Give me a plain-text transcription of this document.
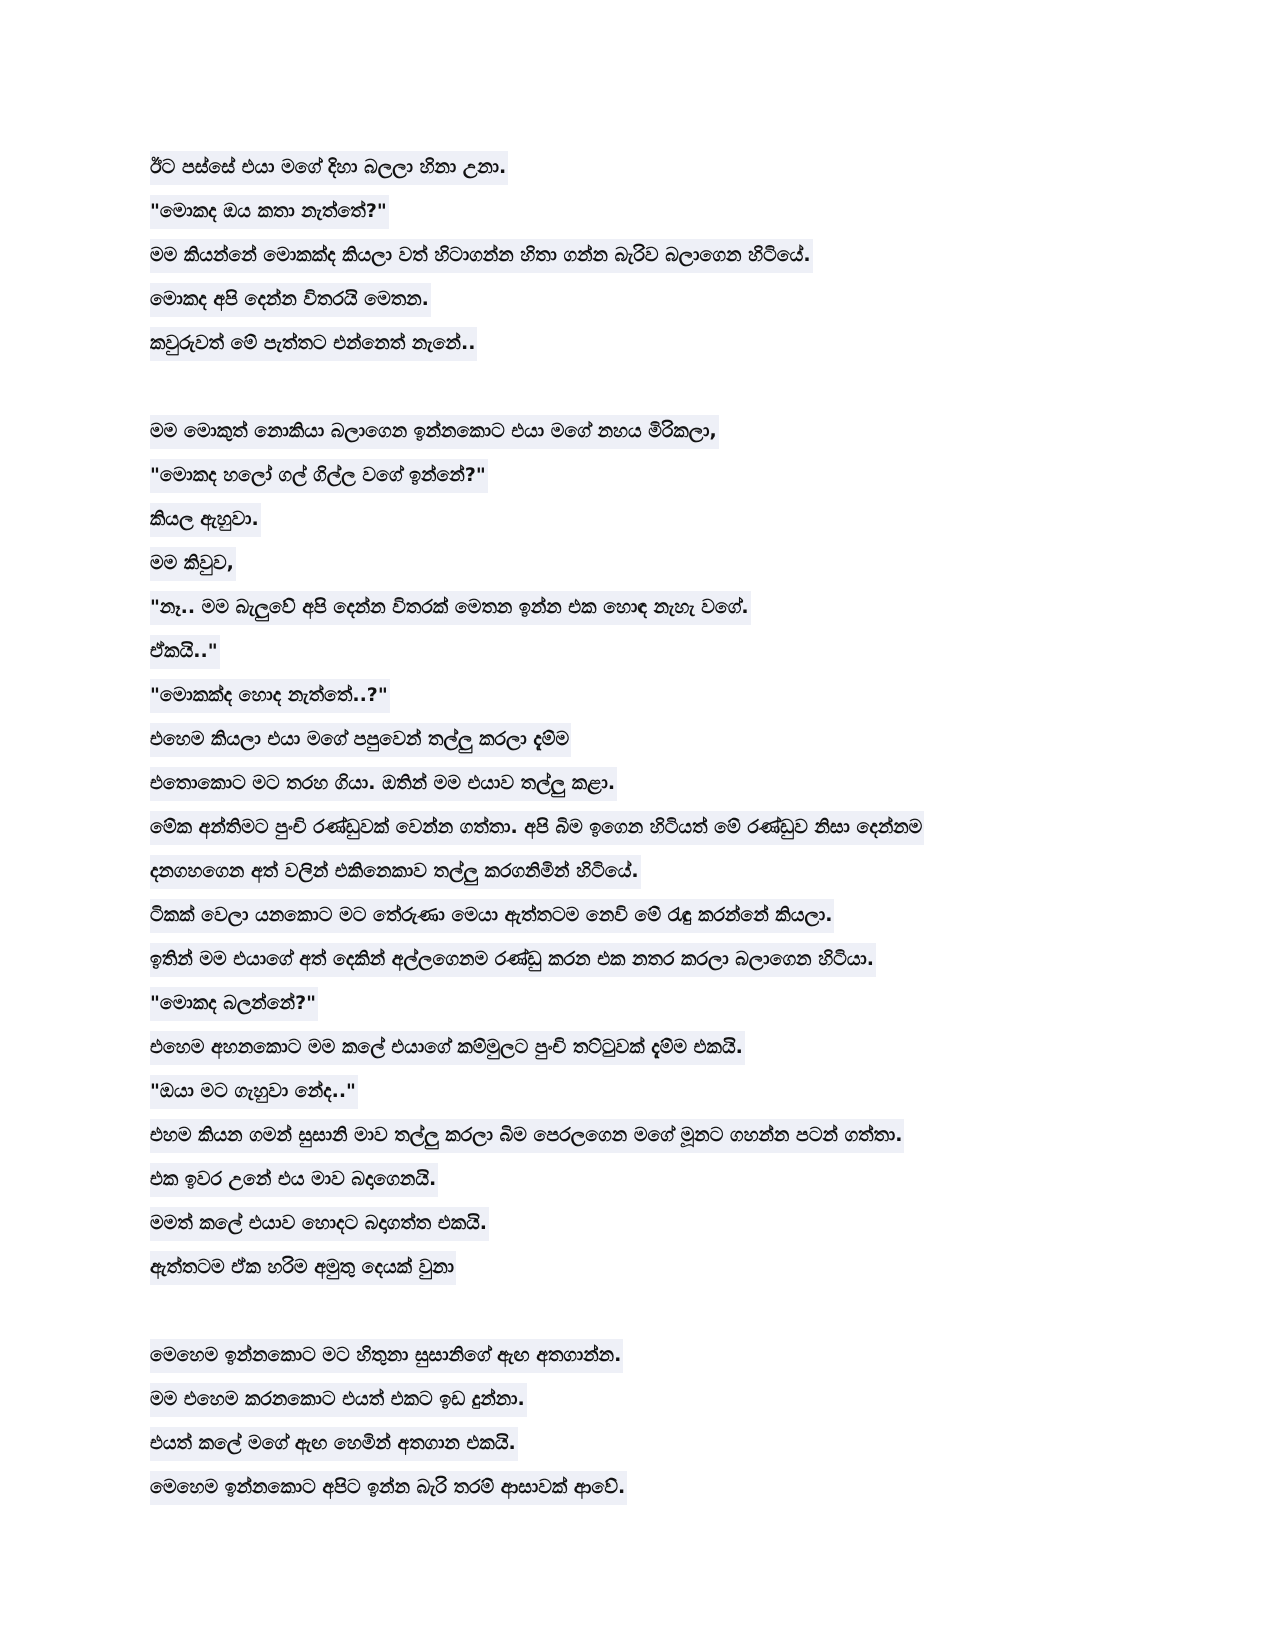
ඊට පස්සේ එයා මගේ දිහා බලලා හිනා උනා.
"මොකද ඔය කතා නැත්තේ?"
මම කියන්නේ මොකක්ද කියලා වත් හිටාගන්න හිතා ගන්න බැරිව බලාගෙන හිටියේ.
මොකද අපි දෙන්න විතරයි මෙතන.
කවුරුවත් මේ පැත්තට එන්නෙත් නැනේ..
මම මොකුත් නොකියා බලාගෙන ඉන්නකොට එයා මගේ නහය මිරිකලා,
"මොකද හලෝ ගල් ගිල්ල වගේ ඉන්නේ?"
කියල ඇහුවා.
මම කිවුව,
"නෑ.. මම බැලුවේ අපි දෙන්න විතරක් මෙතන ඉන්න එක හොඳ නැහැ වගේ.
ඒකයි.."
"මොකක්ද හොද නැත්තේ..?"
එහෙම කියලා එයා මගේ පපුවෙන් තල්ලු කරලා දැම්ම
එතොකොට මට තරහ ගියා. ඔතින් මම එයාව තල්ලු කළා.
මේක අන්තිමට පුංචි රණ්ඩුවක් වෙන්න ගත්තා. අපි බිම ඉගෙන හිටියත් මේ රණ්ඩුව නිසා දෙන්නම
දනගහගෙන අත් වලින් එකිනෙකාව තල්ලු කරගනිමින් හිටියේ.
ටිකක් වෙලා යනකොට මට තේරුණා මෙයා ඇත්තටම නෙවි මේ රැඳු කරන්නේ කියලා.
ඉතින් මම එයාගේ අත් දෙකින් අල්ලගෙනම රණ්ඩු කරන එක නතර කරලා බලාගෙන හිටියා.
"මොකද බලන්නේ?"
එහෙම අහනකොට මම කලේ එයාගේ කම්මුලට පුංචි තට්ටුවක් දැම්ම එකයි.
"ඔයා මට ගැහුවා නේද.."
එහම කියන ගමන් සුසානි මාව තල්ලු කරලා බිම පෙරලගෙන මගේ මූනට ගහන්න පටන් ගත්තා.
එක ඉවර උනේ එය මාව බදාගෙනයි.
මමත් කලේ එයාව හොදට බදාගත්ත එකයි.
ඇත්තටම ඒක හරිම අමුතු දෙයක් වුනා
මෙහෙම ඉන්නකොට මට හිතුනා සුසානිගේ ඇඟ අතගාන්න.
මම එහෙම කරනකොට එයත් එකට ඉඩ දුන්නා.
එයත් කලේ මගේ ඇඟ හෙමින් අතගාන එකයි.
මෙහෙම ඉන්නකොට අපිට ඉන්න බැරි තරම් ආසාවක් ආවේ.
